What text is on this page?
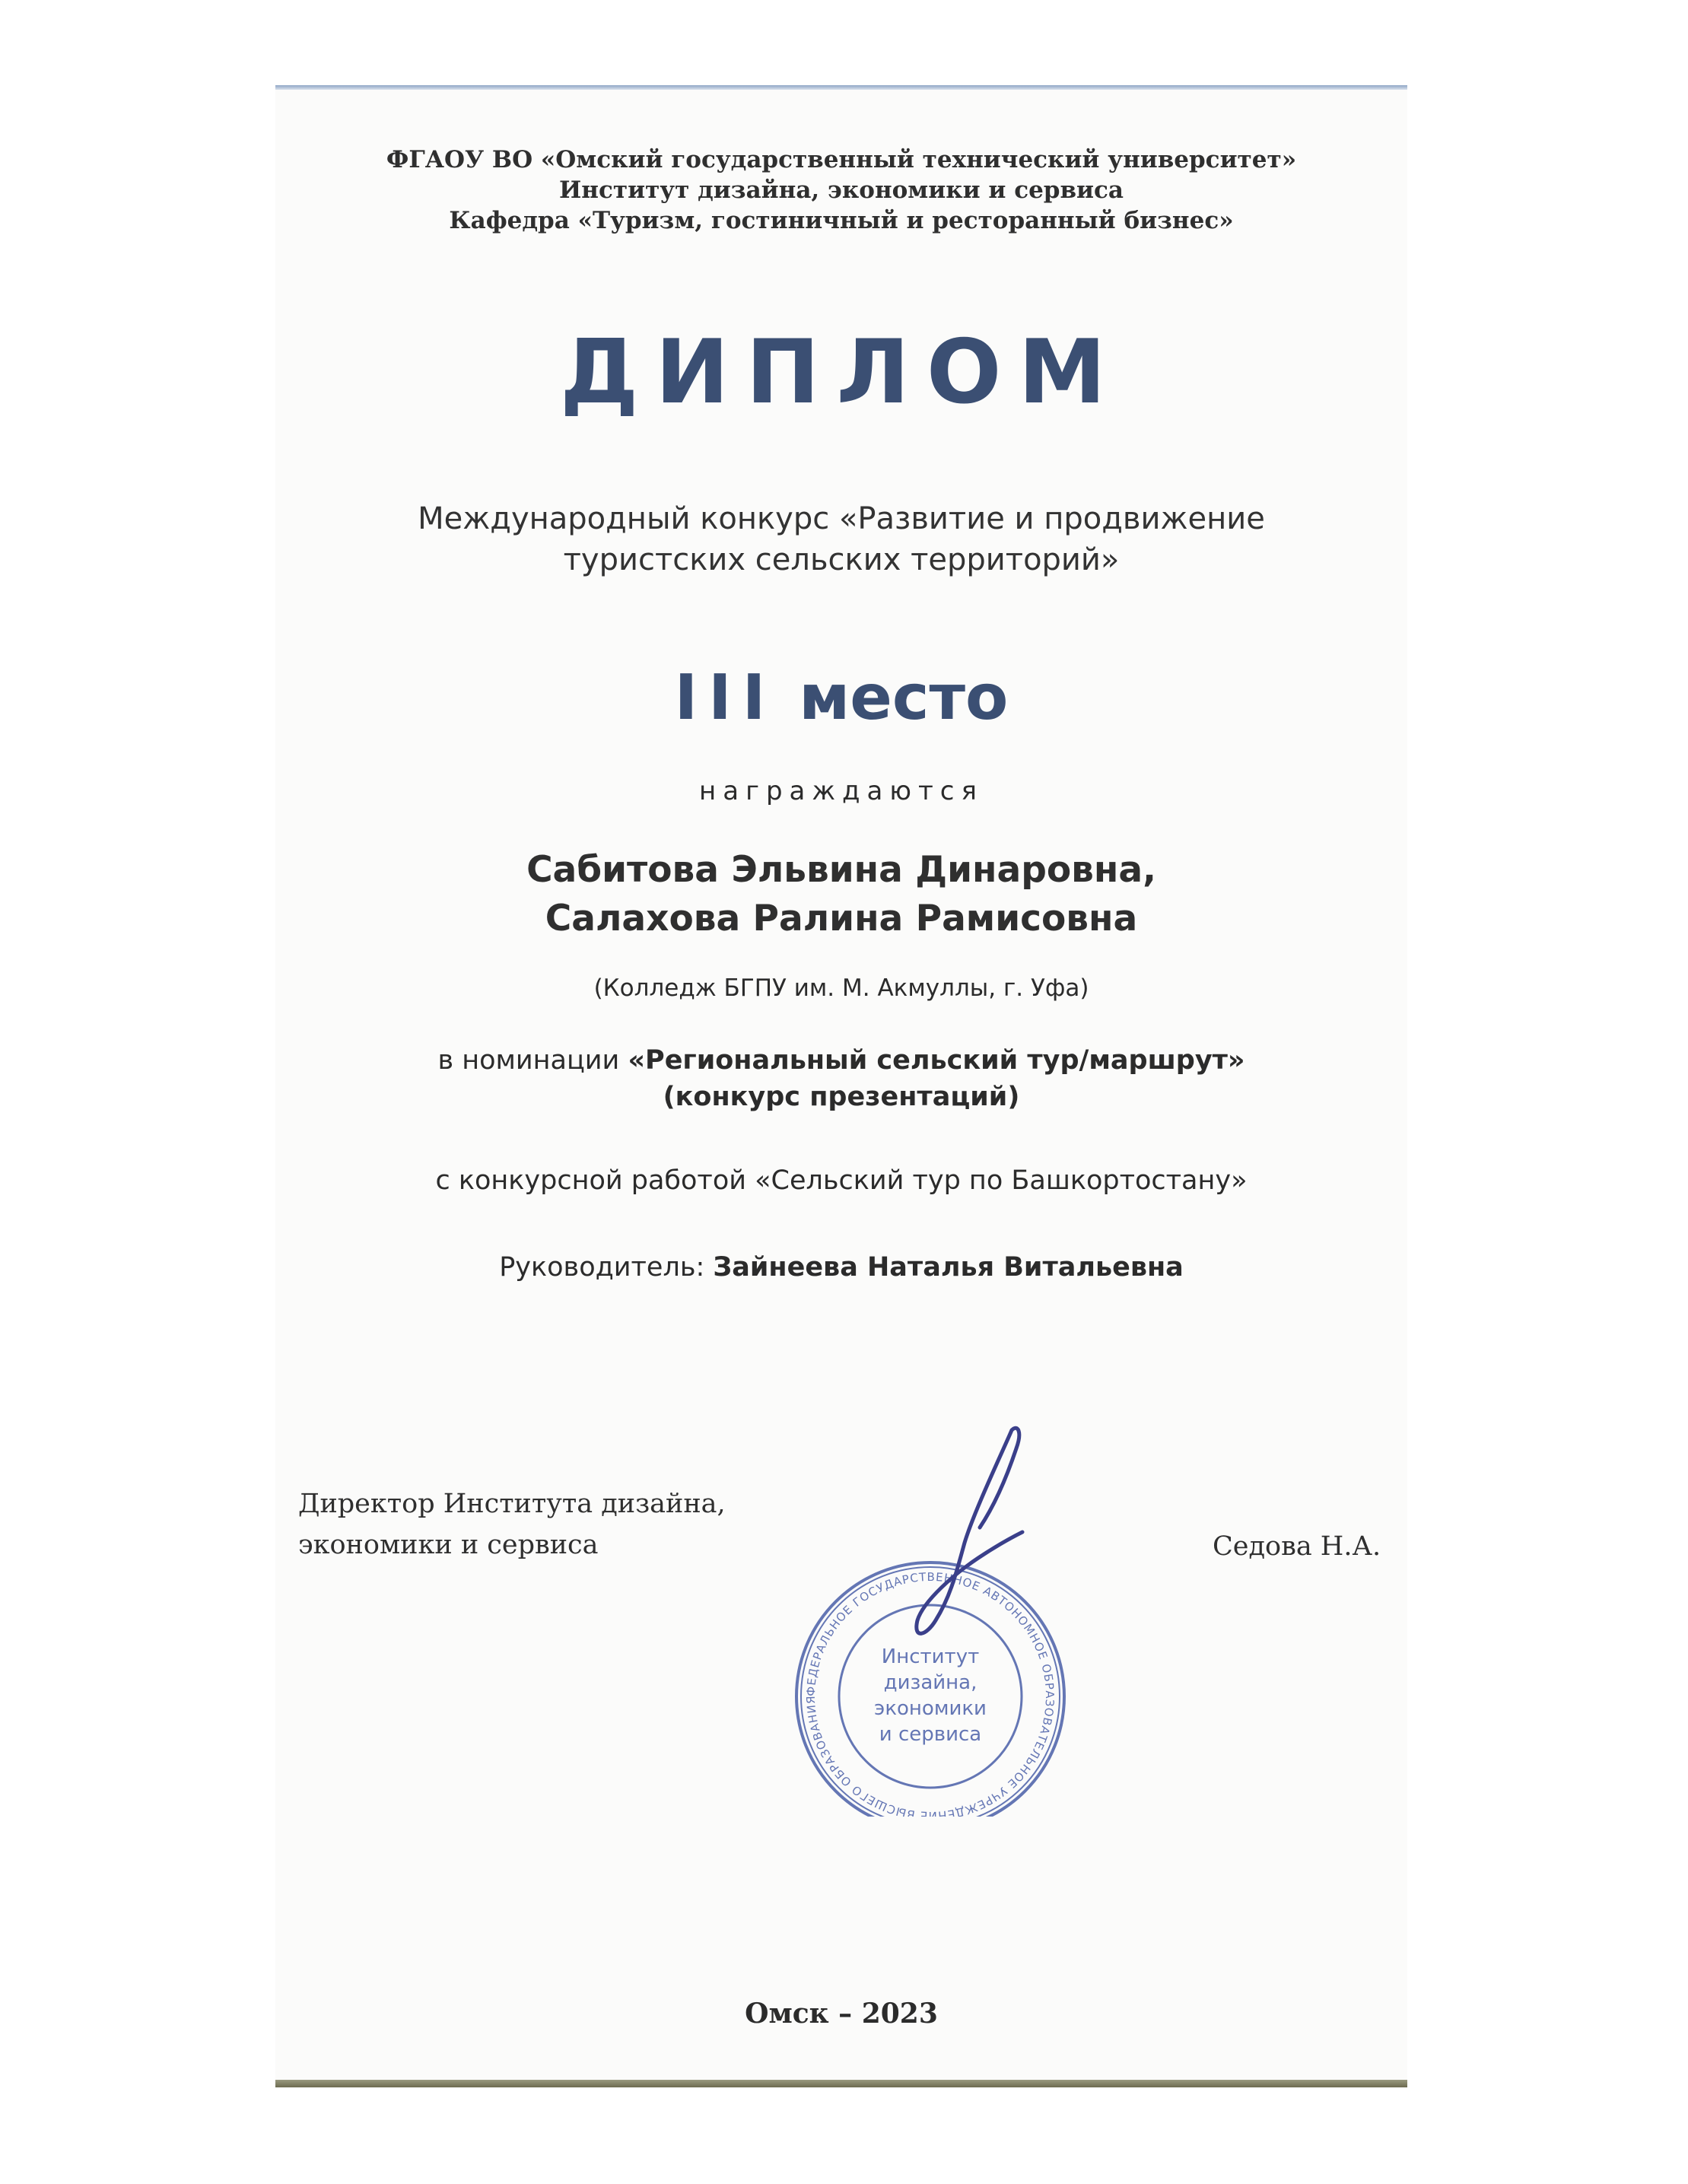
ФГАОУ ВО «Омский государственный технический университет»
Институт дизайна, экономики и сервиса
Кафедра «Туризм, гостиничный и ресторанный бизнес»
ДИПЛОМ
Международный конкурс «Развитие и продвижение
туристских сельских территорий»
III место
награждаются
Сабитова Эльвина Динаровна,
Салахова Ралина Рамисовна
(Колледж БГПУ им. М. Акмуллы, г. Уфа)
в номинации «Региональный сельский тур/маршрут»
(конкурс презентаций)
с конкурсной работой «Сельский тур по Башкортостану»
Руководитель: Зайнеева Наталья Витальевна
Директор Института дизайна,
экономики и сервиса	Седова Н.А.
ФЕДЕРАЛЬНОЕ ГОСУДАРСТВЕННОЕ АВТОНОМНОЕ ОБРАЗОВАТЕЛЬНОЕ УЧРЕЖДЕНИЕ ВЫСШЕГО ОБРАЗОВАНИЯ
Институт
дизайна,
экономики
и сервиса
Омск – 2023
